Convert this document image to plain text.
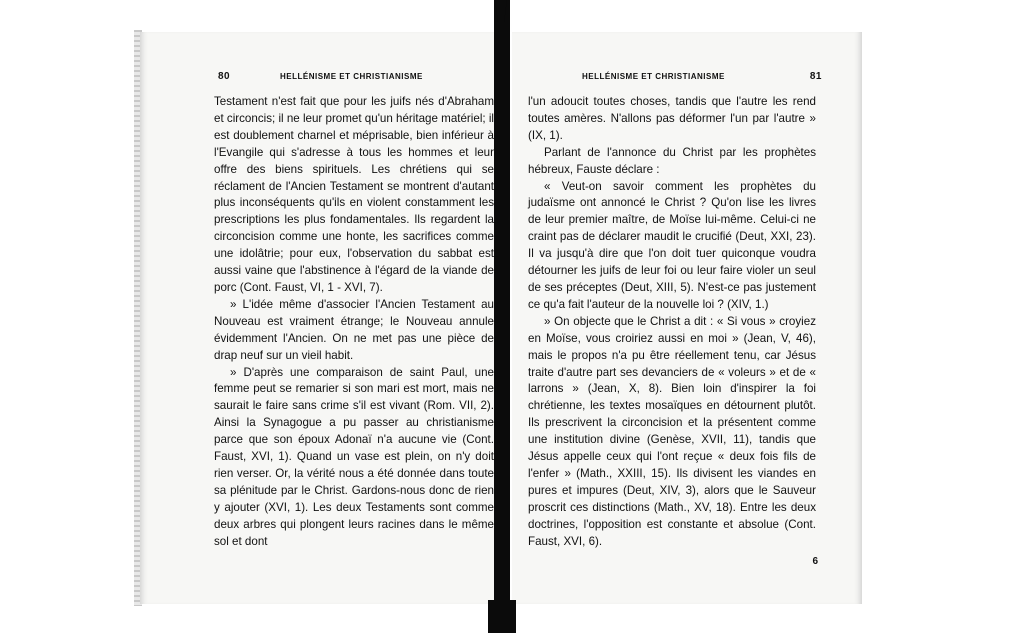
80	HELLÉNISME ET CHRISTIANISME

Testament n'est fait que pour les juifs nés d'Abraham et circoncis; il ne leur promet qu'un héritage matériel; il est doublement charnel et méprisable, bien inférieur à l'Evangile qui s'adresse à tous les hommes et leur offre des biens spirituels. Les chrétiens qui se réclament de l'Ancien Testament se montrent d'autant plus inconséquents qu'ils en violent constamment les prescriptions les plus fondamentales. Ils regardent la circoncision comme une honte, les sacrifices comme une idolâtrie; pour eux, l'observation du sabbat est aussi vaine que l'abstinence à l'égard de la viande de porc (Cont. Faust, VI, 1 - XVI, 7).

» L'idée même d'associer l'Ancien Testament au Nouveau est vraiment étrange; le Nouveau annule évidemment l'Ancien. On ne met pas une pièce de drap neuf sur un vieil habit.

» D'après une comparaison de saint Paul, une femme peut se remarier si son mari est mort, mais ne saurait le faire sans crime s'il est vivant (Rom. VII, 2). Ainsi la Synagogue a pu passer au christianisme parce que son époux Adonaï n'a aucune vie (Cont. Faust, XVI, 1). Quand un vase est plein, on n'y doit rien verser. Or, la vérité nous a été donnée dans toute sa plénitude par le Christ. Gardons-nous donc de rien y ajouter (XVI, 1). Les deux Testaments sont comme deux arbres qui plongent leurs racines dans le même sol et dont

HELLÉNISME ET CHRISTIANISME	81

l'un adoucit toutes choses, tandis que l'autre les rend toutes amères. N'allons pas déformer l'un par l'autre » (IX, 1).

Parlant de l'annonce du Christ par les prophètes hébreux, Fauste déclare :

« Veut-on savoir comment les prophètes du judaïsme ont annoncé le Christ ? Qu'on lise les livres de leur premier maître, de Moïse lui-même. Celui-ci ne craint pas de déclarer maudit le crucifié (Deut, XXI, 23). Il va jusqu'à dire que l'on doit tuer quiconque voudra détourner les juifs de leur foi ou leur faire violer un seul de ses préceptes (Deut, XIII, 5). N'est-ce pas justement ce qu'a fait l'auteur de la nouvelle loi ? (XIV, 1.)

» On objecte que le Christ a dit : « Si vous » croyiez en Moïse, vous croiriez aussi en moi » (Jean, V, 46), mais le propos n'a pu être réellement tenu, car Jésus traite d'autre part ses devanciers de « voleurs » et de « larrons » (Jean, X, 8). Bien loin d'inspirer la foi chrétienne, les textes mosaïques en détournent plutôt. Ils prescrivent la circoncision et la présentent comme une institution divine (Genèse, XVII, 11), tandis que Jésus appelle ceux qui l'ont reçue « deux fois fils de l'enfer » (Math., XXIII, 15). Ils divisent les viandes en pures et impures (Deut, XIV, 3), alors que le Sauveur proscrit ces distinctions (Math., XV, 18). Entre les deux doctrines, l'opposition est constante et absolue (Cont. Faust, XVI, 6).

6
